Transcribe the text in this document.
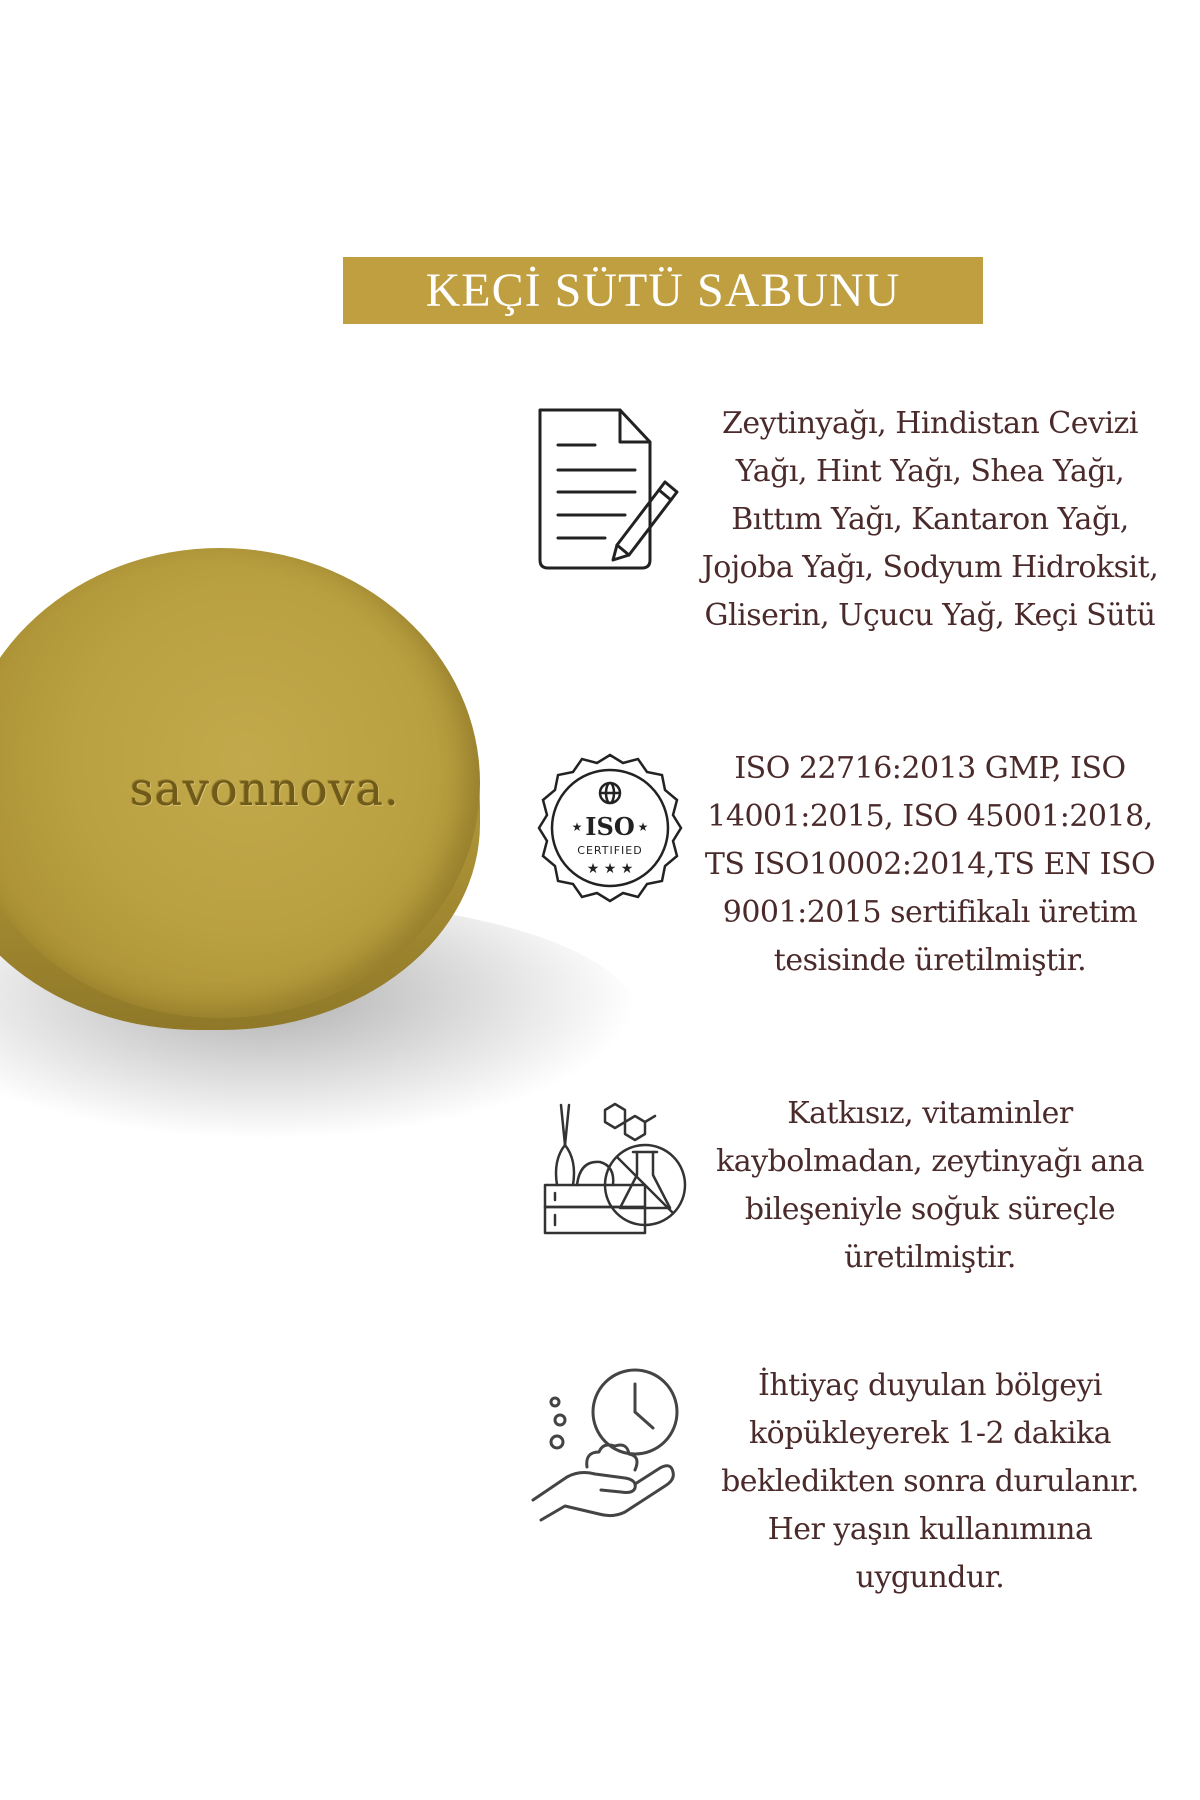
KEÇİ SÜTÜ SABUNU
savonnova.
Zeytinyağı, Hindistan Cevizi Yağı, Hint Yağı, Shea Yağı, Bıttım Yağı, Kantaron Yağı, Jojoba Yağı, Sodyum Hidroksit, Gliserin, Uçucu Yağ, Keçi Sütü
ISO
★	★
CERTIFIED
★ ★ ★
ISO 22716:2013 GMP, ISO 14001:2015, ISO 45001:2018, TS ISO10002:2014,TS EN ISO 9001:2015 sertifikalı üretim tesisinde üretilmiştir.
Katkısız, vitaminler kaybolmadan, zeytinyağı ana bileşeniyle soğuk süreçle üretilmiştir.
İhtiyaç duyulan bölgeyi köpükleyerek 1-2 dakika bekledikten sonra durulanır. Her yaşın kullanımına uygundur.
